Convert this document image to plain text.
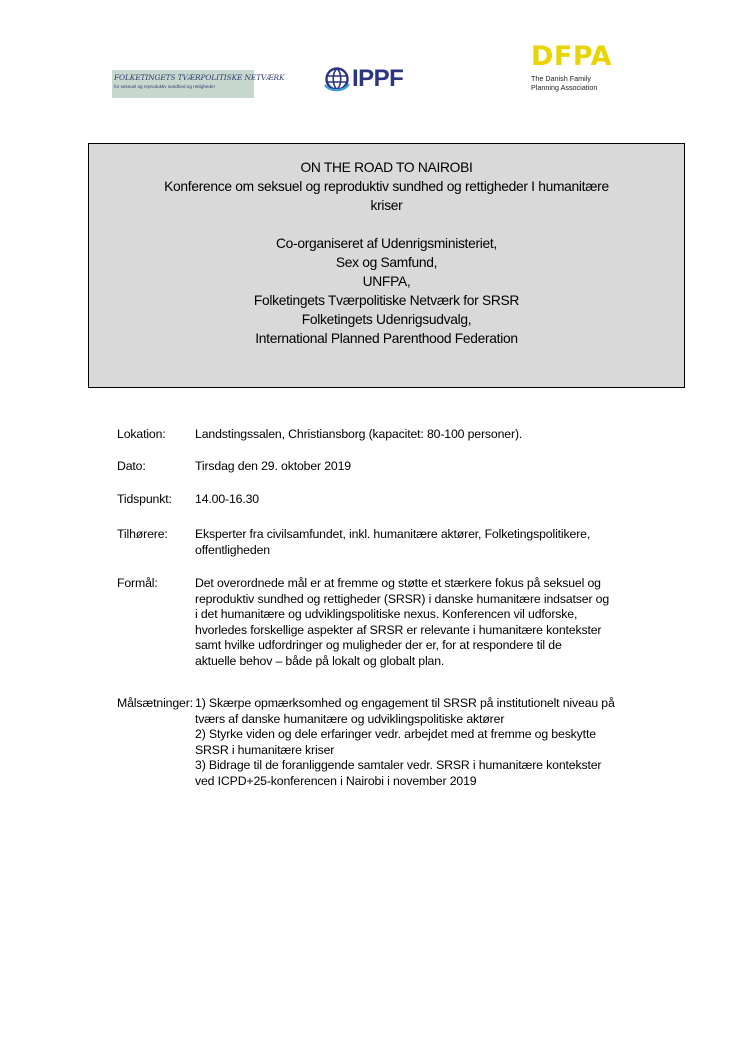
FOLKETINGETS TVÆRPOLITISKE NETVÆRK
for seksuel og reproduktiv sundhed og rettigheder	IPPF
DFPA
The Danish Family
Planning Association
ON THE ROAD TO NAIROBI
Konference om seksuel og reproduktiv sundhed og rettigheder I humanitære
kriser
Co-organiseret af Udenrigsministeriet,
Sex og Samfund,
UNFPA,
Folketingets Tværpolitiske Netværk for SRSR
Folketingets Udenrigsudvalg,
International Planned Parenthood Federation
Lokation: Landstingssalen, Christiansborg (kapacitet: 80-100 personer).
Dato:	Tirsdag den 29. oktober 2019
Tidspunkt: 14.00-16.30
Tilhørere: Eksperter fra civilsamfundet, inkl. humanitære aktører, Folketingspolitikere,
offentligheden
Formål:	Det overordnede mål er at fremme og støtte et stærkere fokus på seksuel og
reproduktiv sundhed og rettigheder (SRSR) i danske humanitære indsatser og
i det humanitære og udviklingspolitiske nexus. Konferencen vil udforske,
hvorledes forskellige aspekter af SRSR er relevante i humanitære kontekster
samt hvilke udfordringer og muligheder der er, for at respondere til de
aktuelle behov – både på lokalt og globalt plan.
Målsætninger: 1) Skærpe opmærksomhed og engagement til SRSR på institutionelt niveau på
tværs af danske humanitære og udviklingspolitiske aktører
2) Styrke viden og dele erfaringer vedr. arbejdet med at fremme og beskytte
SRSR i humanitære kriser
3) Bidrage til de foranliggende samtaler vedr. SRSR i humanitære kontekster
ved ICPD+25-konferencen i Nairobi i november 2019
